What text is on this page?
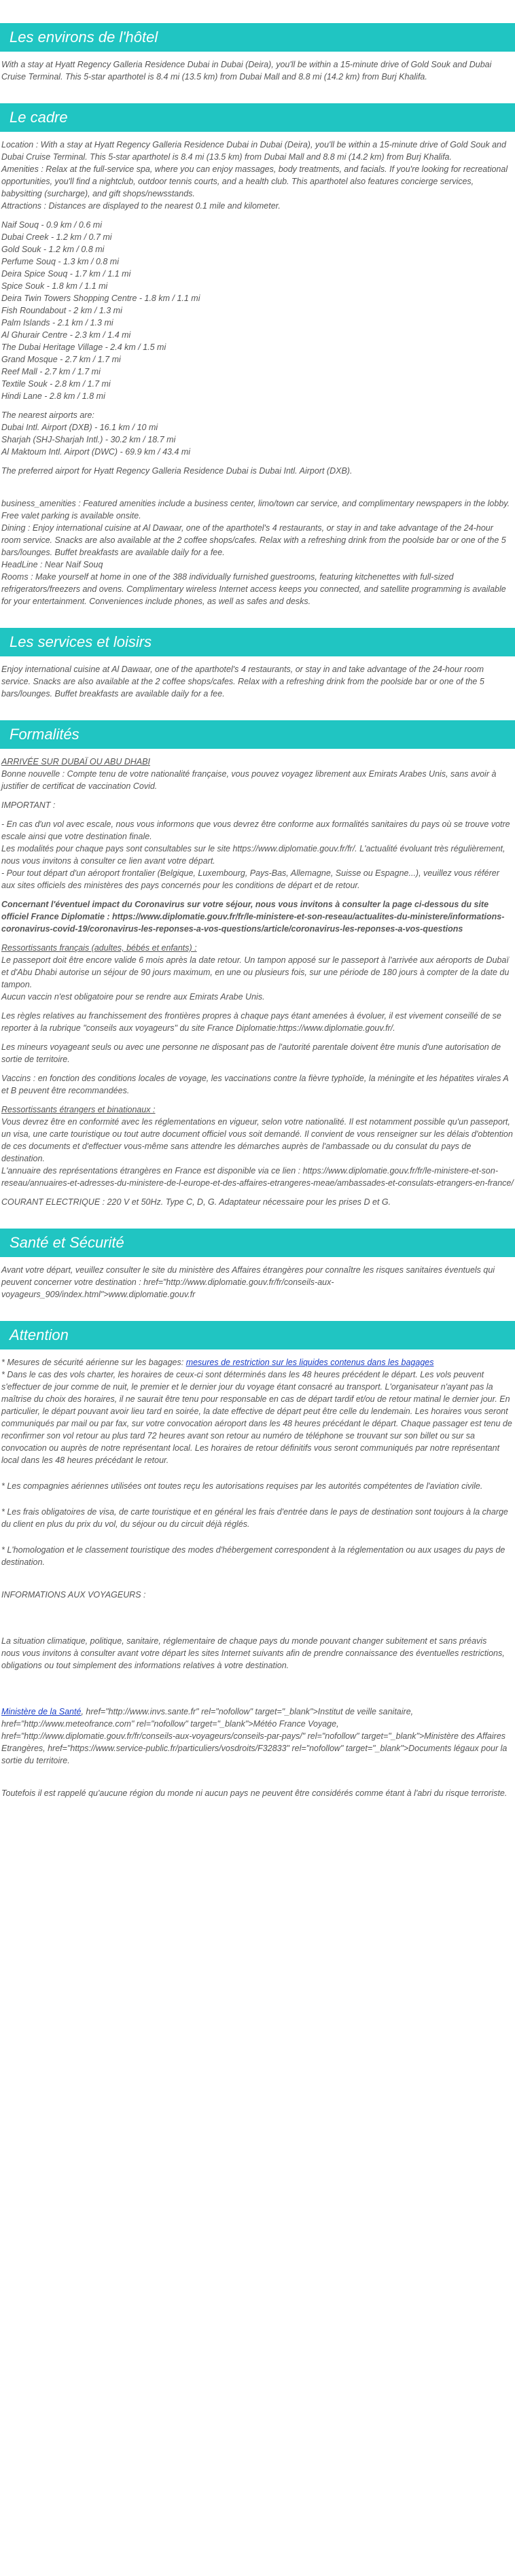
Les environs de l'hôtel

With a stay at Hyatt Regency Galleria Residence Dubai in Dubai (Deira), you'll be within a 15-minute drive of Gold Souk and Dubai Cruise Terminal. This 5-star aparthotel is 8.4 mi (13.5 km) from Dubai Mall and 8.8 mi (14.2 km) from Burj Khalifa.

Le cadre
Location : With a stay at Hyatt Regency Galleria Residence Dubai in Dubai (Deira), you'll be within a 15-minute drive of Gold Souk and Dubai Cruise Terminal. This 5-star aparthotel is 8.4 mi (13.5 km) from Dubai Mall and 8.8 mi (14.2 km) from Burj Khalifa.
Amenities : Relax at the full-service spa, where you can enjoy massages, body treatments, and facials. If you're looking for recreational opportunities, you'll find a nightclub, outdoor tennis courts, and a health club. This aparthotel also features concierge services, babysitting (surcharge), and gift shops/newsstands.
Attractions : Distances are displayed to the nearest 0.1 mile and kilometer.
Naif Souq - 0.9 km / 0.6 mi
Dubai Creek - 1.2 km / 0.7 mi
Gold Souk - 1.2 km / 0.8 mi
Perfume Souq - 1.3 km / 0.8 mi
Deira Spice Souq - 1.7 km / 1.1 mi
Spice Souk - 1.8 km / 1.1 mi
Deira Twin Towers Shopping Centre - 1.8 km / 1.1 mi
Fish Roundabout - 2 km / 1.3 mi
Palm Islands - 2.1 km / 1.3 mi
Al Ghurair Centre - 2.3 km / 1.4 mi
The Dubai Heritage Village - 2.4 km / 1.5 mi
Grand Mosque - 2.7 km / 1.7 mi
Reef Mall - 2.7 km / 1.7 mi
Textile Souk - 2.8 km / 1.7 mi
Hindi Lane - 2.8 km / 1.8 mi
The nearest airports are:
Dubai Intl. Airport (DXB) - 16.1 km / 10 mi
Sharjah (SHJ-Sharjah Intl.) - 30.2 km / 18.7 mi
Al Maktoum Intl. Airport (DWC) - 69.9 km / 43.4 mi

The preferred airport for Hyatt Regency Galleria Residence Dubai is Dubai Intl. Airport (DXB).

business_amenities : Featured amenities include a business center, limo/town car service, and complimentary newspapers in the lobby. Free valet parking is available onsite.

Dining : Enjoy international cuisine at Al Dawaar, one of the aparthotel's 4 restaurants, or stay in and take advantage of the 24-hour room service. Snacks are also available at the 2 coffee shops/cafes. Relax with a refreshing drink from the poolside bar or one of the 5 bars/lounges. Buffet breakfasts are available daily for a fee.
HeadLine : Near Naif Souq
Rooms : Make yourself at home in one of the 388 individually furnished guestrooms, featuring kitchenettes with full-sized refrigerators/freezers and ovens. Complimentary wireless Internet access keeps you connected, and satellite programming is available for your entertainment. Conveniences include phones, as well as safes and desks.
Les services et loisirs

Enjoy international cuisine at Al Dawaar, one of the aparthotel's 4 restaurants, or stay in and take advantage of the 24-hour room service. Snacks are also available at the 2 coffee shops/cafes. Relax with a refreshing drink from the poolside bar or one of the 5 bars/lounges. Buffet breakfasts are available daily for a fee.

Formalités
ARRIVÉE SUR DUBAÏ OU ABU DHABI

Bonne nouvelle : Compte tenu de votre nationalité française, vous pouvez voyagez librement aux Emirats Arabes Unis, sans avoir à justifier de certificat de vaccination Covid.

IMPORTANT :

- En cas d'un vol avec escale, nous vous informons que vous devrez être conforme aux formalités sanitaires du pays où se trouve votre escale ainsi que votre destination finale.
Les modalités pour chaque pays sont consultables sur le site https://www.diplomatie.gouv.fr/fr/. L'actualité évoluant très régulièrement, nous vous invitons à consulter ce lien avant votre départ.

- Pour tout départ d'un aéroport frontalier (Belgique, Luxembourg, Pays-Bas, Allemagne, Suisse ou Espagne...), veuillez vous référer aux sites officiels des ministères des pays concernés pour les conditions de départ et de retour.

Concernant l'éventuel impact du Coronavirus sur votre séjour, nous vous invitons à consulter la page ci-dessous du site officiel France Diplomatie : https://www.diplomatie.gouv.fr/fr/le-ministere-et-son-reseau/actualites-du-ministere/informations-coronavirus-covid-19/coronavirus-les-reponses-a-vos-questions/article/coronavirus-les-reponses-a-vos-questions

Ressortissants français (adultes, bébés et enfants) :
Le passeport doit être encore valide 6 mois après la date retour. Un tampon apposé sur le passeport à l'arrivée aux aéroports de Dubaï et d'Abu Dhabi autorise un séjour de 90 jours maximum, en une ou plusieurs fois, sur une période de 180 jours à compter de la date du tampon.

Aucun vaccin n'est obligatoire pour se rendre aux Emirats Arabe Unis.

Les règles relatives au franchissement des frontières propres à chaque pays étant amenées à évoluer, il est vivement conseillé de se reporter à la rubrique "conseils aux voyageurs" du site France Diplomatie:https://www.diplomatie.gouv.fr/.

Les mineurs voyageant seuls ou avec une personne ne disposant pas de l'autorité parentale doivent être munis d'une autorisation de sortie de territoire.

Vaccins : en fonction des conditions locales de voyage, les vaccinations contre la fièvre typhoïde, la méningite et les hépatites virales A et B peuvent être recommandées.

Ressortissants étrangers et binationaux :
Vous devrez être en conformité avec les réglementations en vigueur, selon votre nationalité. Il est notamment possible qu'un passeport, un visa, une carte touristique ou tout autre document officiel vous soit demandé. Il convient de vous renseigner sur les délais d'obtention de ces documents et d'effectuer vous-même sans attendre les démarches auprès de l'ambassade ou du consulat du pays de destination.

L'annuaire des représentations étrangères en France est disponible via ce lien : https://www.diplomatie.gouv.fr/fr/le-ministere-et-son-reseau/annuaires-et-adresses-du-ministere-de-l-europe-et-des-affaires-etrangeres-meae/ambassades-et-consulats-etrangers-en-france/

COURANT ELECTRIQUE : 220 V et 50Hz. Type C, D, G. Adaptateur nécessaire pour les prises D et G.

Santé et Sécurité

Avant votre départ, veuillez consulter le site du ministère des Affaires étrangères pour connaître les risques sanitaires éventuels qui peuvent concerner votre destination : href="http://www.diplomatie.gouv.fr/fr/conseils-aux-voyageurs_909/index.html">www.diplomatie.gouv.fr

Attention
* Mesures de sécurité aérienne sur les bagages: mesures de restriction sur les liquides contenus dans les bagages

* Dans le cas des vols charter, les horaires de ceux-ci sont déterminés dans les 48 heures précédent le départ. Les vols peuvent s'effectuer de jour comme de nuit, le premier et le dernier jour du voyage étant consacré au transport. L'organisateur n'ayant pas la maîtrise du choix des horaires, il ne saurait être tenu pour responsable en cas de départ tardif et/ou de retour matinal le dernier jour. En particulier, le départ pouvant avoir lieu tard en soirée, la date effective de départ peut être celle du lendemain. Les horaires vous seront communiqués par mail ou par fax, sur votre convocation aéroport dans les 48 heures précédant le départ. Chaque passager est tenu de reconfirmer son vol retour au plus tard 72 heures avant son retour au numéro de téléphone se trouvant sur son billet ou sur sa convocation ou auprès de notre représentant local. Les horaires de retour définitifs vous seront communiqués par notre représentant local dans les 48 heures précédant le retour.

* Les compagnies aériennes utilisées ont toutes reçu les autorisations requises par les autorités compétentes de l'aviation civile.

* Les frais obligatoires de visa, de carte touristique et en général les frais d'entrée dans le pays de destination sont toujours à la charge du client en plus du prix du vol, du séjour ou du circuit déjà réglés.

* L'homologation et le classement touristique des modes d'hébergement correspondent à la réglementation ou aux usages du pays de destination.

INFORMATIONS AUX VOYAGEURS :

La situation climatique, politique, sanitaire, réglementaire de chaque pays du monde pouvant changer subitement et sans préavis

nous vous invitons à consulter avant votre départ les sites Internet suivants afin de prendre connaissance des éventuelles restrictions, obligations ou tout simplement des informations relatives à votre destination.

Ministère de la Santé, href="http://www.invs.sante.fr" rel="nofollow" target="_blank">Institut de veille sanitaire, href="http://www.meteofrance.com" rel="nofollow" target="_blank">Météo France Voyage, href="http://www.diplomatie.gouv.fr/fr/conseils-aux-voyageurs/conseils-par-pays/" rel="nofollow" target="_blank">Ministère des Affaires Etrangères, href="https://www.service-public.fr/particuliers/vosdroits/F32833" rel="nofollow" target="_blank">Documents légaux pour la sortie du territoire.

Toutefois il est rappelé qu'aucune région du monde ni aucun pays ne peuvent être considérés comme étant à l'abri du risque terroriste.
